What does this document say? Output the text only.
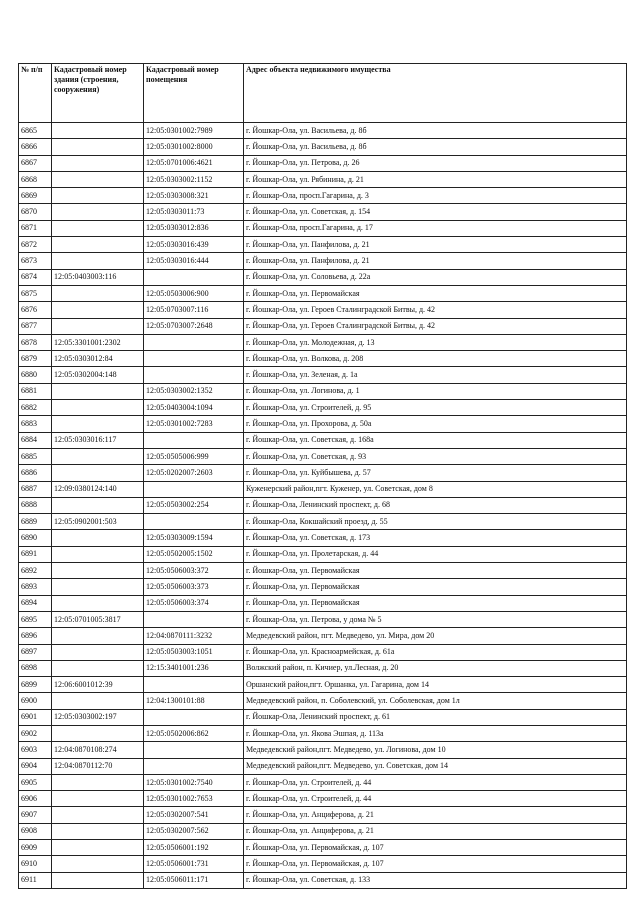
№ п/п	Кадастровый номер здания (строения, сооружения)	Кадастровый номер помещения	Адрес объекта недвижимого имущества
6865		12:05:0301002:7989	г. Йошкар-Ола, ул. Васильева, д. 8б
6866		12:05:0301002:8000	г. Йошкар-Ола, ул. Васильева, д. 8б
6867		12:05:0701006:4621	г. Йошкар-Ола, ул. Петрова, д. 26
6868		12:05:0303002:1152	г. Йошкар-Ола, ул. Рябинина, д. 21
6869		12:05:0303008:321	г. Йошкар-Ола, просп.Гагарина, д. 3
6870		12:05:0303011:73	г. Йошкар-Ола, ул. Советская, д. 154
6871		12:05:0303012:836	г. Йошкар-Ола, просп.Гагарина, д. 17
6872		12:05:0303016:439	г. Йошкар-Ола, ул. Панфилова, д. 21
6873		12:05:0303016:444	г. Йошкар-Ола, ул. Панфилова, д. 21
6874	12:05:0403003:116		г. Йошкар-Ола, ул. Соловьева, д. 22а
6875		12:05:0503006:900	г. Йошкар-Ола, ул. Первомайская
6876		12:05:0703007:116	г. Йошкар-Ола, ул. Героев Сталинградской Битвы, д. 42
6877		12:05:0703007:2648	г. Йошкар-Ола, ул. Героев Сталинградской Битвы, д. 42
6878	12:05:3301001:2302		г. Йошкар-Ола, ул. Молодежная, д. 13
6879	12:05:0303012:84		г. Йошкар-Ола, ул. Волкова, д. 208
6880	12:05:0302004:148		г. Йошкар-Ола, ул. Зеленая, д. 1а
6881		12:05:0303002:1352	г. Йошкар-Ола, ул. Логинова, д. 1
6882		12:05:0403004:1094	г. Йошкар-Ола, ул. Строителей, д. 95
6883		12:05:0301002:7283	г. Йошкар-Ола, ул. Прохорова, д. 50а
6884	12:05:0303016:117		г. Йошкар-Ола, ул. Советская, д. 168а
6885		12:05:0505006:999	г. Йошкар-Ола, ул. Советская, д. 93
6886		12:05:0202007:2603	г. Йошкар-Ола, ул. Куйбышева, д. 57
6887	12:09:0380124:140		Куженерский район,пгт. Куженер, ул. Советская, дом 8
6888		12:05:0503002:254	г. Йошкар-Ола, Ленинский проспект, д. 68
6889	12:05:0902001:503		г. Йошкар-Ола, Кокшайский проезд, д. 55
6890		12:05:0303009:1594	г. Йошкар-Ола, ул. Советская, д. 173
6891		12:05:0502005:1502	г. Йошкар-Ола, ул. Пролетарская, д. 44
6892		12:05:0506003:372	г. Йошкар-Ола, ул. Первомайская
6893		12:05:0506003:373	г. Йошкар-Ола, ул. Первомайская
6894		12:05:0506003:374	г. Йошкар-Ола, ул. Первомайская
6895	12:05:0701005:3817		г. Йошкар-Ола, ул. Петрова, у дома № 5
6896		12:04:0870111:3232	Медведевский район, пгт. Медведево, ул. Мира, дом 20
6897		12:05:0503003:1051	г. Йошкар-Ола, ул. Красноармейская, д. 61а
6898		12:15:3401001:236	Волжский район, п. Кичиер, ул.Лесная, д. 20
6899	12:06:6001012:39		Оршанский район,пгт. Оршанка, ул. Гагарина, дом 14
6900		12:04:1300101:88	Медведевский район, п. Соболевский, ул. Соболевская, дом 1л
6901	12:05:0303002:197		г. Йошкар-Ола, Ленинский проспект, д. 61
6902		12:05:0502006:862	г. Йошкар-Ола, ул. Якова Эшпая, д. 113а
6903	12:04:0870108:274		Медведевский район,пгт. Медведево, ул. Логинова, дом 10
6904	12:04:0870112:70		Медведевский район,пгт. Медведево, ул. Советская, дом 14
6905		12:05:0301002:7540	г. Йошкар-Ола, ул. Строителей, д. 44
6906		12:05:0301002:7653	г. Йошкар-Ола, ул. Строителей, д. 44
6907		12:05:0302007:541	г. Йошкар-Ола, ул. Анциферова, д. 21
6908		12:05:0302007:562	г. Йошкар-Ола, ул. Анциферова, д. 21
6909		12:05:0506001:192	г. Йошкар-Ола, ул. Первомайская, д. 107
6910		12:05:0506001:731	г. Йошкар-Ола, ул. Первомайская, д. 107
6911		12:05:0506011:171	г. Йошкар-Ола, ул. Советская, д. 133
